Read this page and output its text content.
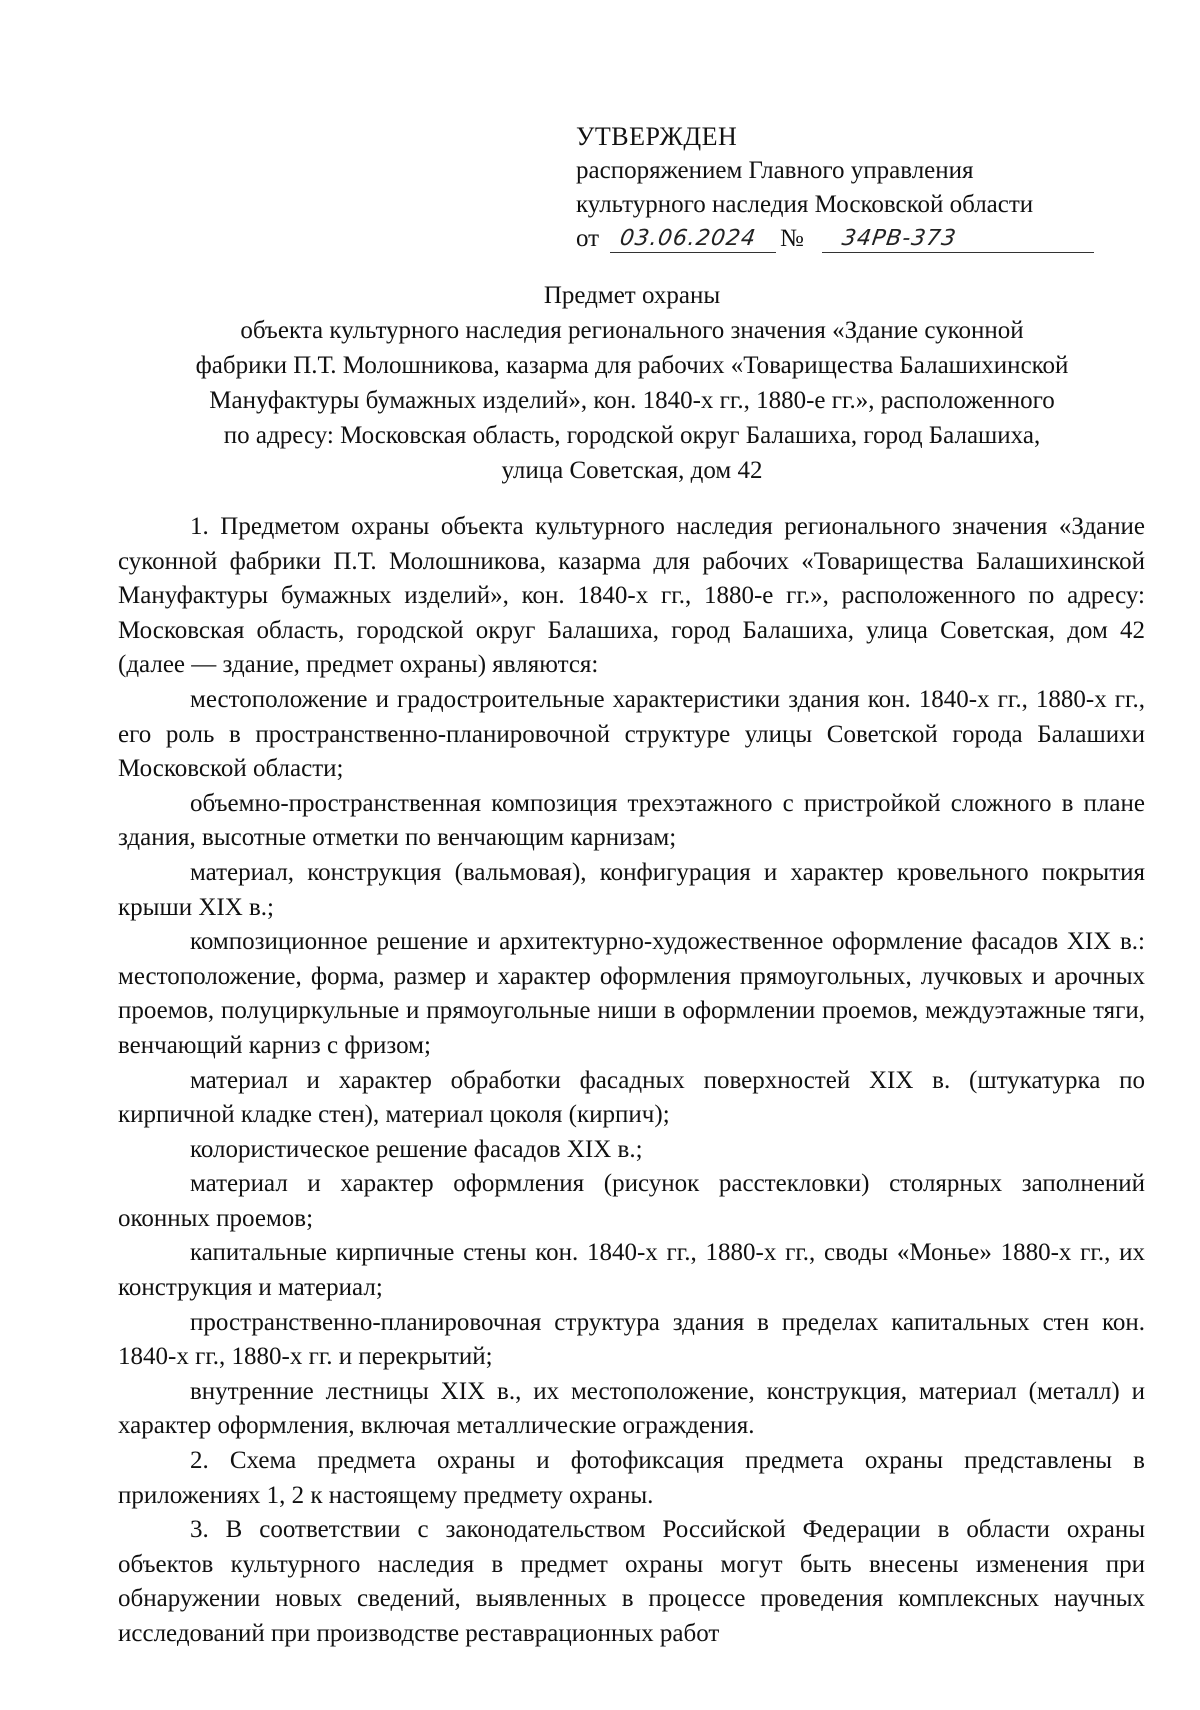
УТВЕРЖДЕН
распоряжением Главного управления
культурного наследия Московской области
от 03.06.2024 № 34РВ-373
Предмет охраны
объекта культурного наследия регионального значения «Здание суконной
фабрики П.Т. Молошникова, казарма для рабочих «Товарищества Балашихинской
Мануфактуры бумажных изделий», кон. 1840-х гг., 1880-е гг.», расположенного
по адресу: Московская область, городской округ Балашиха, город Балашиха,
улица Советская, дом 42

1. Предметом охраны объекта культурного наследия регионального значения «Здание суконной фабрики П.Т. Молошникова, казарма для рабочих «Товарищества Балашихинской Мануфактуры бумажных изделий», кон. 1840-х гг., 1880-е гг.», расположенного по адресу: Московская область, городской округ Балашиха, город Балашиха, улица Советская, дом 42 (далее — здание, предмет охраны) являются:

местоположение и градостроительные характеристики здания кон. 1840-х гг., 1880-х гг., его роль в пространственно-планировочной структуре улицы Советской города Балашихи Московской области;

объемно-пространственная композиция трехэтажного с пристройкой сложного в плане здания, высотные отметки по венчающим карнизам;

материал, конструкция (вальмовая), конфигурация и характер кровельного покрытия крыши XIX в.;

композиционное решение и архитектурно-художественное оформление фасадов XIX в.: местоположение, форма, размер и характер оформления прямоугольных, лучковых и арочных проемов, полуциркульные и прямоугольные ниши в оформлении проемов, междуэтажные тяги, венчающий карниз с фризом;

материал и характер обработки фасадных поверхностей XIX в. (штукатурка по кирпичной кладке стен), материал цоколя (кирпич);

колористическое решение фасадов XIX в.;

материал и характер оформления (рисунок расстекловки) столярных заполнений оконных проемов;

капитальные кирпичные стены кон. 1840-х гг., 1880-х гг., своды «Монье» 1880-х гг., их конструкция и материал;

пространственно-планировочная структура здания в пределах капитальных стен кон. 1840-х гг., 1880-х гг. и перекрытий;

внутренние лестницы XIX в., их местоположение, конструкция, материал (металл) и характер оформления, включая металлические ограждения.

2. Схема предмета охраны и фотофиксация предмета охраны представлены в приложениях 1, 2 к настоящему предмету охраны.

3. В соответствии с законодательством Российской Федерации в области охраны объектов культурного наследия в предмет охраны могут быть внесены изменения при обнаружении новых сведений, выявленных в процессе проведения комплексных научных исследований при производстве реставрационных работ
